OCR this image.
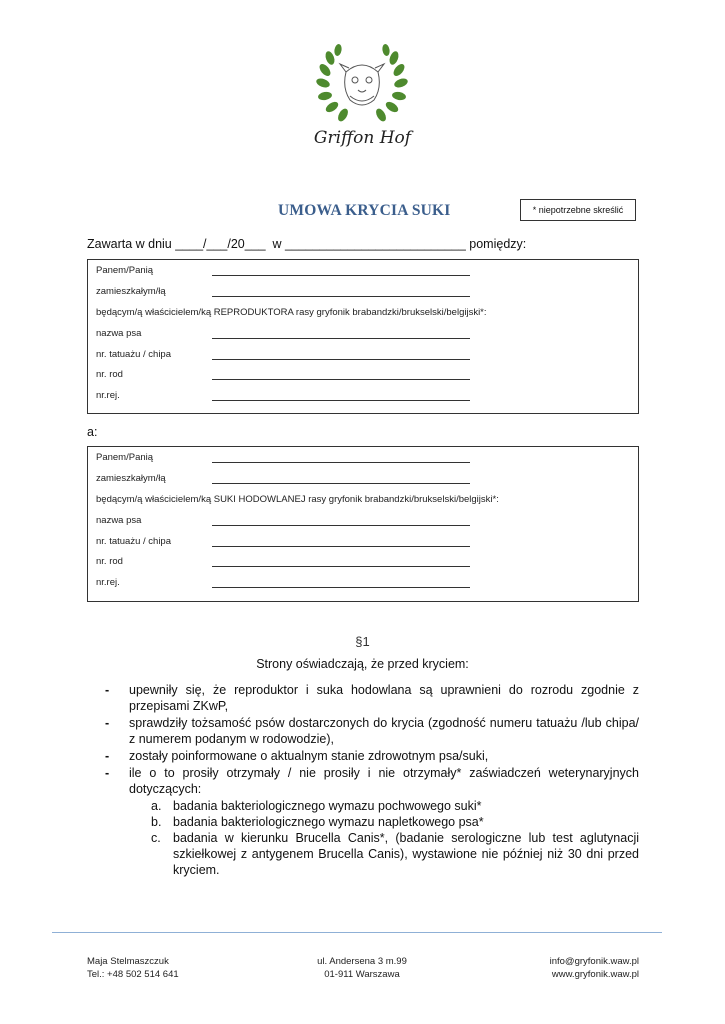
Griffon Hof
UMOWA KRYCIA SUKI	* niepotrzebne skreślić
Zawarta w dniu ____/___/20___  w __________________________ pomiędzy:
Panem/Panią
zamieszkałym/łą
będącym/ą właścicielem/ką REPRODUKTORA rasy gryfonik brabandzki/brukselski/belgijski*:
nazwa psa
nr. tatuażu / chipa
nr. rod
nr.rej.
a:
Panem/Panią
zamieszkałym/łą
będącym/ą właścicielem/ką SUKI HODOWLANEJ rasy gryfonik brabandzki/brukselski/belgijski*:
nazwa psa
nr. tatuażu / chipa
nr. rod
nr.rej.
§1
Strony oświadczają, że przed kryciem:
- upewniły się, że reproduktor i suka hodowlana są uprawnieni do rozrodu zgodnie z przepisami ZKwP,
- sprawdziły tożsamość psów dostarczonych do krycia (zgodność numeru tatuażu /lub chipa/ z numerem podanym w rodowodzie),
- zostały poinformowane o aktualnym stanie zdrowotnym psa/suki,
- ile o to prosiły otrzymały / nie prosiły i nie otrzymały* zaświadczeń weterynaryjnych dotyczących:
a. badania bakteriologicznego wymazu pochwowego suki*
b. badania bakteriologicznego wymazu napletkowego psa*
c. badania w kierunku Brucella Canis*, (badanie serologiczne lub test aglutynacji szkiełkowej z antygenem Brucella Canis), wystawione nie później niż 30 dni przed kryciem.
Maja Stelmaszczuk
Tel.: +48 502 514 641
ul. Andersena 3 m.99
01-911 Warszawa
info@gryfonik.waw.pl
www.gryfonik.waw.pl
